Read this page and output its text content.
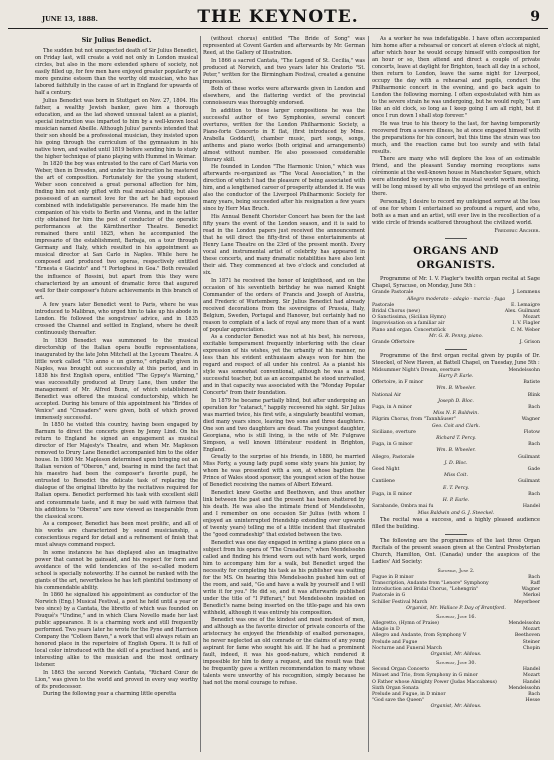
JUNE 13, 1888.	THE KEYNOTE.	9
Sir Julius Benedict.

The sudden but not unexpected death of Sir Julius Benedict, on Friday last, will create a void not only in London musical circles, but also in the more extended sphere of society, not easily filled up, for few men have enjoyed greater popularity or more genuine esteem than the worthy old musician, who has labored faithfully in the cause of art in England for upwards of half a century.

Julius Benedict was born in Stuttgart on Nov. 27, 1804. His father, a wealthy Jewish banker, gave him a thorough education, and as the lad showed unusual talent as a pianist, special instruction was imparted to him by a well-known local musician named Abeille. Although Julius' parents intended that their son should be a professional musician, they insisted upon his going through the curriculum of the gymnasium in his native town, and waited until 1819 before sending him to study the higher technique of piano playing with Hummel in Weimar.

In 1820 the boy was entrusted to the care of Carl Maria von Weber, then in Dresden, and under his instruction he mastered the art of composition. Fortunately for the young student, Weber soon conceived a great personal affection for him, finding him not only gifted with real musical ability, but also possessed of an earnest love for the art he had espoused combined with indefatigable perseverance. He made him the companion of his visits to Berlin and Vienna, and in the latter city obtained for him the post of conductor of the operatic performances at the Kärnthnerthor Theatre. Benedict remained there until 1825, when he accompanied the impresario of the establishment, Barbaja, on a tour through Germany and Italy, which resulted in his appointment as musical director at San Carlo in Naples. While here he composed and produced two operas, respectively entitled "Ernesta e Giacinto" and "I Portoghesi in Goa." Both revealed the influence of Rossini, but apart from this they were characterized by an amount of dramatic force that augured well for their composer's future achievements in this branch of art.

A few years later Benedict went to Paris, where he was introduced to Malibran, who urged him to take up his abode in London. He followed the songstress' advice, and in 1835 crossed the Channel and settled in England, where he dwelt continuously thereafter.

In 1836 Benedict was summoned to the musical directorship of the Italian opera bouffe representations, inaugurated by the late John Mitchell at the Lyceum Theatre. A little work called "Un anno e un giorno," originally given in Naples, was brought out successfully at this period, and in 1838 his first English opera, entitled "The Gypsy's Warning," was successfully produced at Drury Lane, then under the management of Mr. Alfred Bunn, of which establishment Benedict was offered the musical conductorship, which he accepted. During his tenure of this appointment his "Brides of Venice" and "Crusaders" were given, both of which proved immensely successful.

In 1850 he visited this country, having been engaged by Barnum to direct the concerts given by Jenny Lind. On his return to England he signed an engagement as musical director of Her Majesty's Theatre, and when Mr. Mapleson removed to Drury Lane Benedict accompanied him to the older house. In 1860 Mr. Mapleson determined upon bringing out an Italian version of "Oberon," and, bearing in mind the fact that his maestro had been the composer's favorite pupil, he entrusted to Benedict the delicate task of replacing the dialogue of the original libretto by the recitatives required for Italian opera. Benedict performed his task with excellent skill and consummate taste, and it may be said with fairness that his additions to "Oberon" are now viewed as inseparable from the classical score.

As a composer, Benedict has been most prolific, and all of his works are characterized by sound musicianship, a conscientious regard for detail and a refinement of finish that must always command respect.

In some instances he has displayed also an imaginative power that cannot be gainsaid, and his respect for form and avoidance of the wild tendencies of the so-called modern school is specially noteworthy. If he cannot be ranked with the giants of the art, nevertheless he has left plentiful testimony of his commendable ability.

In 1860 he signalized his appointment as conductor of the Norwich (Eng.) Musical Festival, a post he held until a year or two since) by a Cantata, the libretto of which was founded on Fouqué's "Undine," and in which Clara Novello made her last public appearance. It is a charming work and still frequently performed. Two years later he wrote for the Pyne and Harrison Company the "Colleen Bawn," a work that will always retain an honored place in the repertoire of English Opera. It is full of local color introduced with the skill of a practised hand, and is interesting alike to the musician and the most ordinary listener.

In 1863 the second Norwich Cantata, "Richard Cœur de Lion," was given to the world and proved in every way worthy of its predecessor.

During the following year a charming little operetta

(without chorus) entitled "The Bride of Song" was represented at Covent Garden and afterwards by Mr. German Reed, at the Gallery of Illustration.

In 1866 a sacred Cantata, "The Legend of St. Cecilia," was produced at Norwich, and two years later his Oratorio "St. Peter," written for the Birmingham Festival, created a genuine impression.

Both of these works were afterwards given in London and elsewhere, and the flattering verdict of the provincial connoisseurs was thoroughly endorsed.

In addition to these larger compositions he was the successful author of two Symphonies, several concert overtures, written for the London Philharmonic Society, a Piano-forte Concerto in E flat, (first introduced by Mme. Arabella Goddard), chamber music, part songs, songs, anthems and piano works (both original and arrangements) almost without number. He also possessed considerable literary skill.

He founded in London "The Harmonic Union," which was afterwards re-organized as "The Vocal Association," in the direction of which I had the pleasure of being associated with him, and a lengthened career of prosperity attended it. He was also the conductor of the Liverpool Philharmonic Society for many years, being succeeded after his resignation a few years since by Herr Max Bruch.

His Annual Benefit Chorister Concert has been for the last fifty years the event of the London season, and it is said to read in the London papers just received the announcement that he will direct the fifty-first of these entertainments at Henry Lane Theatre on the 23rd of the present month. Every vocal and instrumental artist of celebrity has appeared in these concerts, and many dramatic notabilities have also lent their aid. They commenced at two o'clock and concluded at six.

In 1871 he received the honor of knighthood, and on the occasion of his seventieth birthday he was named Knight Commander of the orders of Francis and Joseph of Austria, and Frederic of Wurtemberg. Sir Julius Benedict had already received decorations from the sovereigns of Prussia, Italy, Belgium, Sweden, Portugal and Hanover, but certainly had no reason to complain of a lack of royal any more than of a want of popular appreciation.

As a conductor Benedict was not at his best, his nervous, excitable temperament frequently interfering with the clear expression of his wishes, yet the urbanity of his manner, no less than his evident enthusiasm always won for him the regard and respect of all under his control. As a pianist his style was somewhat conventional, although he was a most successful teacher, but as an accompanist he stood unrivalled, and in that capacity was associated with the "Monday Popular Concerts" from their foundation.

In 1879 he became partially blind, but after undergoing an operation for "cataract," happily recovered his sight. Sir Julius was married twice, his first wife, a singularly beautiful woman, died many years since, leaving two sons and three daughters. One son and two daughters are dead. The youngest daughter, Georgiana, who is still living, is the wife of Mr. Fulgrave Simpson, a well known littérateur resident in Brighton, England.

Greatly to the surprise of his friends, in 1880, he married Miss Forty, a young lady pupil some sixty years his junior, by whom he was presented with a son, at whose baptism the Prince of Wales stood sponsor, the youngest scion of the house of Benedict receiving the names of Albert Edward.

Benedict knew Goethe and Beethoven, and thus another link between the past and the present has been shattered by his death. He was also the intimate friend of Mendelssohn, and I remember on one occasion Sir Julius (with whom I enjoyed an uninterrupted friendship extending over upwards of twenty years) telling me of a little incident that illustrated the "good comradeship" that existed between the two.

Benedict was one day engaged in writing a piano piece on a subject from his opera of "The Crusaders," when Mendelssohn called and finding his friend worn out with hard work, urged him to accompany him for a walk, but Benedict urged the necessity for completing his task as his publisher was waiting for the MS. On hearing this Mendelssohn pushed him out of the room, and said, "Go and have a walk by yourself and I will write it for you." He did so, and it was afterwards published under the title of "I Pifferari," but Mendelssohn insisted on Benedict's name being inserted on the title-page and his own withheld, although it was entirely his composition.

Benedict was one of the kindest and most modest of men, and although as the favorite director of private concerts of the aristocracy he enjoyed the friendship of exalted personages, he never neglected an old comrade or the claims of any young aspirant for fame who sought his aid. If he had a prominent fault, indeed, it was his good-nature, which rendered it impossible for him to deny a request, and the result was that he frequently gave a written recommendation to many whose talents were unworthy of his recognition, simply because he had not the moral courage to refuse.

As a worker he was indefatigable. I have often accompanied him home after a rehearsal or concert at eleven o'clock at night, after which hour he would occupy himself with composition for an hour or so, then attend and direct a couple of private concerts, leave at daylight for Brighton, teach all day in a school, then return to London, leave the same night for Liverpool, occupy the day with a rehearsal and pupils, conduct the Philharmonic concert in the evening, and go back again to London the following morning. I often expostulated with him as to the severe strain he was undergoing, but he would reply, "I am like an old clock, so long as I keep going I am all right, but if once I run down I shall stop forever."

He was true to his theory to the last, for having temporarily recovered from a severe illness, he at once engaged himself with the preparations for his concert, but this time the strain was too much, and the reaction came but too surely and with fatal results.

There are many who will deplore the loss of an estimable friend, and the pleasant Sunday morning receptions sans cérémonie at the well-known house in Manchester Square, which were attended by everyone in the musical world worth meeting, will be long missed by all who enjoyed the privilege of an entrée there.

Personally, I desire to record my unfeigned sorrow at the loss of one for whom I entertained so profound a regard, and who, both as a man and an artist, will ever live in the recollection of a wide circle of friends scattered throughout the civilized world.

Frederic Archer.
ORGANS AND ORGANISTS.

Programme of Mr. I. V. Flagler's twelfth organ recital at Sage Chapel, Syracuse, on Monday, June 5th :

Grande Pastorale	J. Lemmens
Allegro moderato - adagio - marcia - fuga
Pastorale	E. Lemaigre
Bridal Chorus (new)	Alex. Guilmant
O Sanctissima, (Sicilian Hymn)	Mozart
Improvisation on a familiar air	I. V. Flagler
Piano and organ. Concertstück	C. M. Weber
Mr. G. R. Penny, piano.
Grande Offertoire	J. Grison

Programme of the first organ recital given by pupils of Dr. Steeckel, of New Haven, at Battell Chapel, on Tuesday, June 5th :

Midsummer Night's Dream, overture	Mendelssohn
Harry P. Earle.
Offertoire, in F minor	Batiste
Wm. B. Wheeler.
National Air	Blink
Joseph D. Bloc.
Fuga, in A minor	Bach
Miss N. F. Baldwin.
Pilgrim Chorus, from "Tannhäuser"	Wagner
Geo. Coit and Clark.
Siciliano, overture	Flotow
Richard T. Percy.
Fuga, in G minor	Bach
Wm. B. Wheeler.
Allegro, Pastorale	Guilmant
J. D. Bloc.
Good Night	Gade
Miss Coit.
Cantilene	Guilmant
E. T. Percy.
Fuga, in E minor	Bach
H. P. Earle.
Sarabande, Ombra mai fu	Handel
Miss Baldwin and G. J. Steeckel.

The recital was a success, and a highly pleased audience filled the building.

The following are the programmes of the last three Organ Recitals of the present season given at the Central Presbyterian Church, Hamilton, Ont. (Canada) under the auspices of the Ladies' Aid Society:

Saturday, June 2.
Fugue in B minor	Bach
Transcription, Andante from "Lenore" Symphony	Raff
Introduction and Bridal Chorus, "Lohengrin"	Wagner
Pastorale in G	Merkel
Schiller Festival March	Meyerbeer
Organist, Mr. Wallace P. Day of Brantford.
Saturday, June 16.
Allegretto, (Hymn of Praise)	Mendelssohn
Adagio in D	Mozart
Allegro and Andante, from Symphony V	Beethoven
Prelude and Fugue	Steiner
Nocturne and Funeral March	Chopin
Organist, Mr. Aldous.
Saturday, June 30.
Second Organ Concerto	Handel
Minuet and Trio, from Symphony in G minor	Mozart
O Father whose Almighty Power (Judas Maccabæus)	Handel
Sixth Organ Sonata	Mendelssohn
Prelude and Fugue, in D minor	Bach
"God save the Queen"	Hesse
Organist, Mr. Aldous.
